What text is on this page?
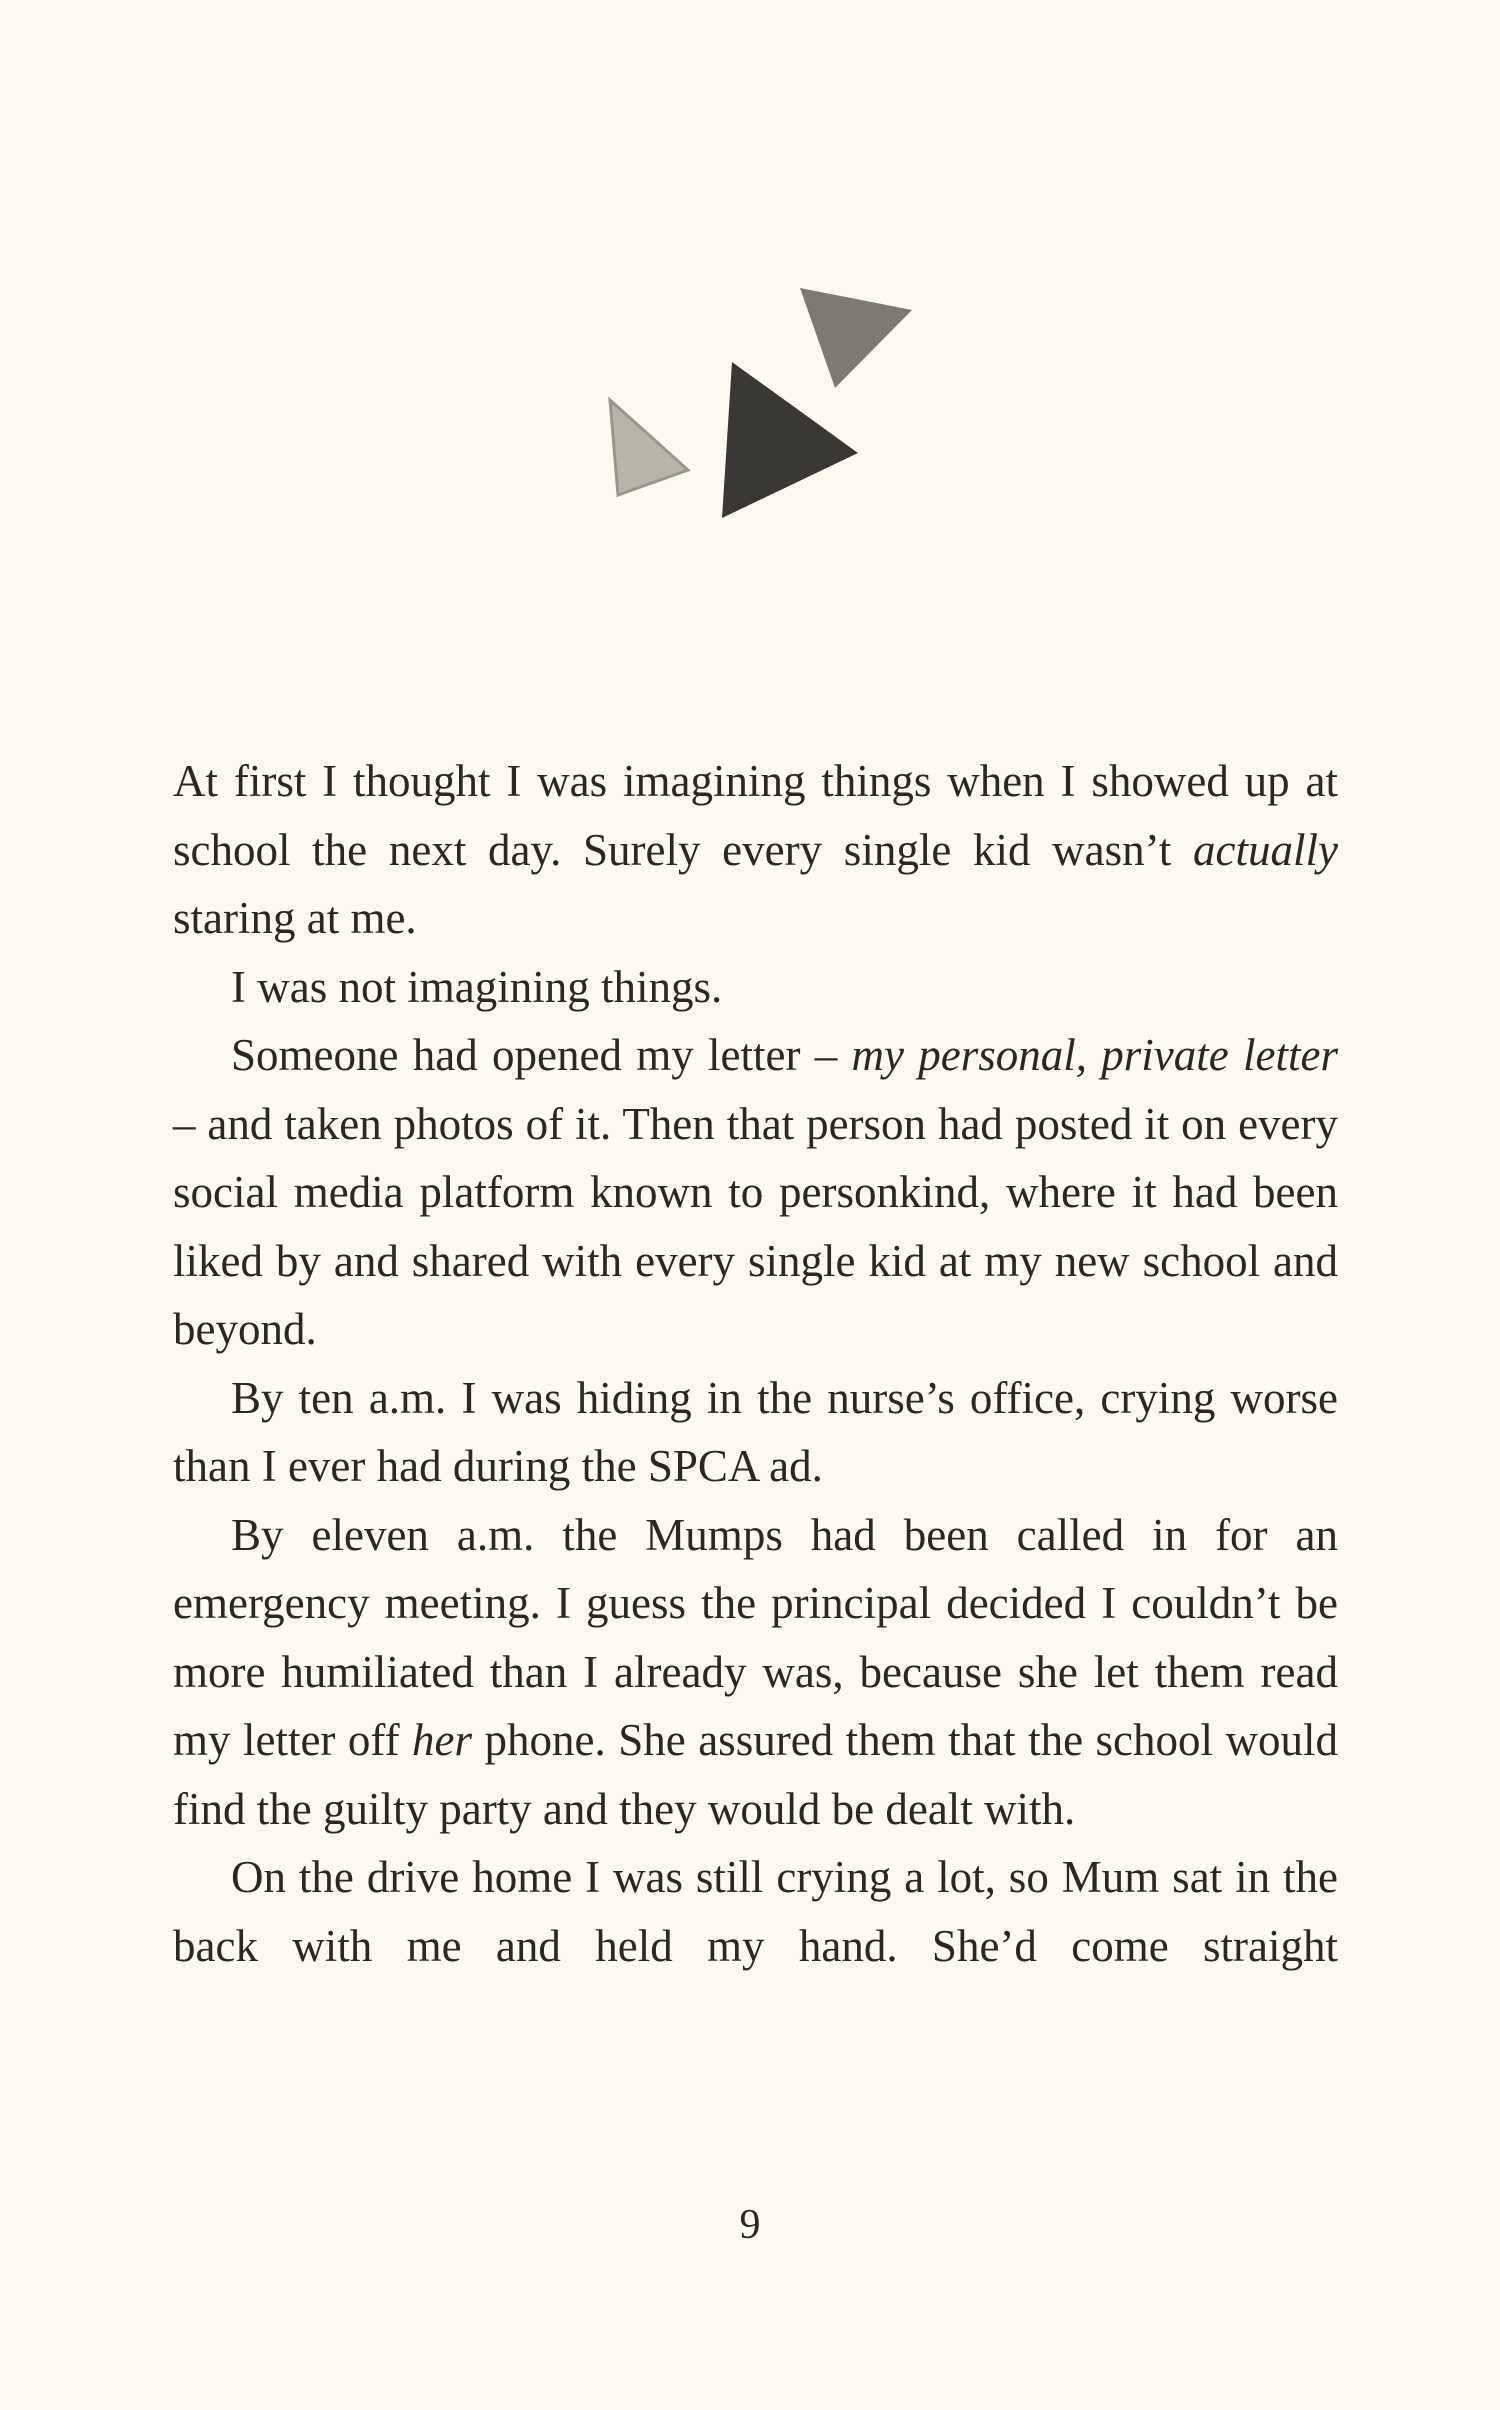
At first I thought I was imagining things when I showed up at school the next day. Surely every single kid wasn’t actually staring at me.

I was not imagining things.

Someone had opened my letter – my personal, private letter – and taken photos of it. Then that person had posted it on every social media platform known to personkind, where it had been liked by and shared with every single kid at my new school and beyond.

By ten a.m. I was hiding in the nurse’s office, crying worse than I ever had during the SPCA ad.

By eleven a.m. the Mumps had been called in for an emergency meeting. I guess the principal decided I couldn’t be more humiliated than I already was, because she let them read my letter off her phone. She assured them that the school would find the guilty party and they would be dealt with.

On the drive home I was still crying a lot, so Mum sat in the back with me and held my hand. She’d come straight

9
